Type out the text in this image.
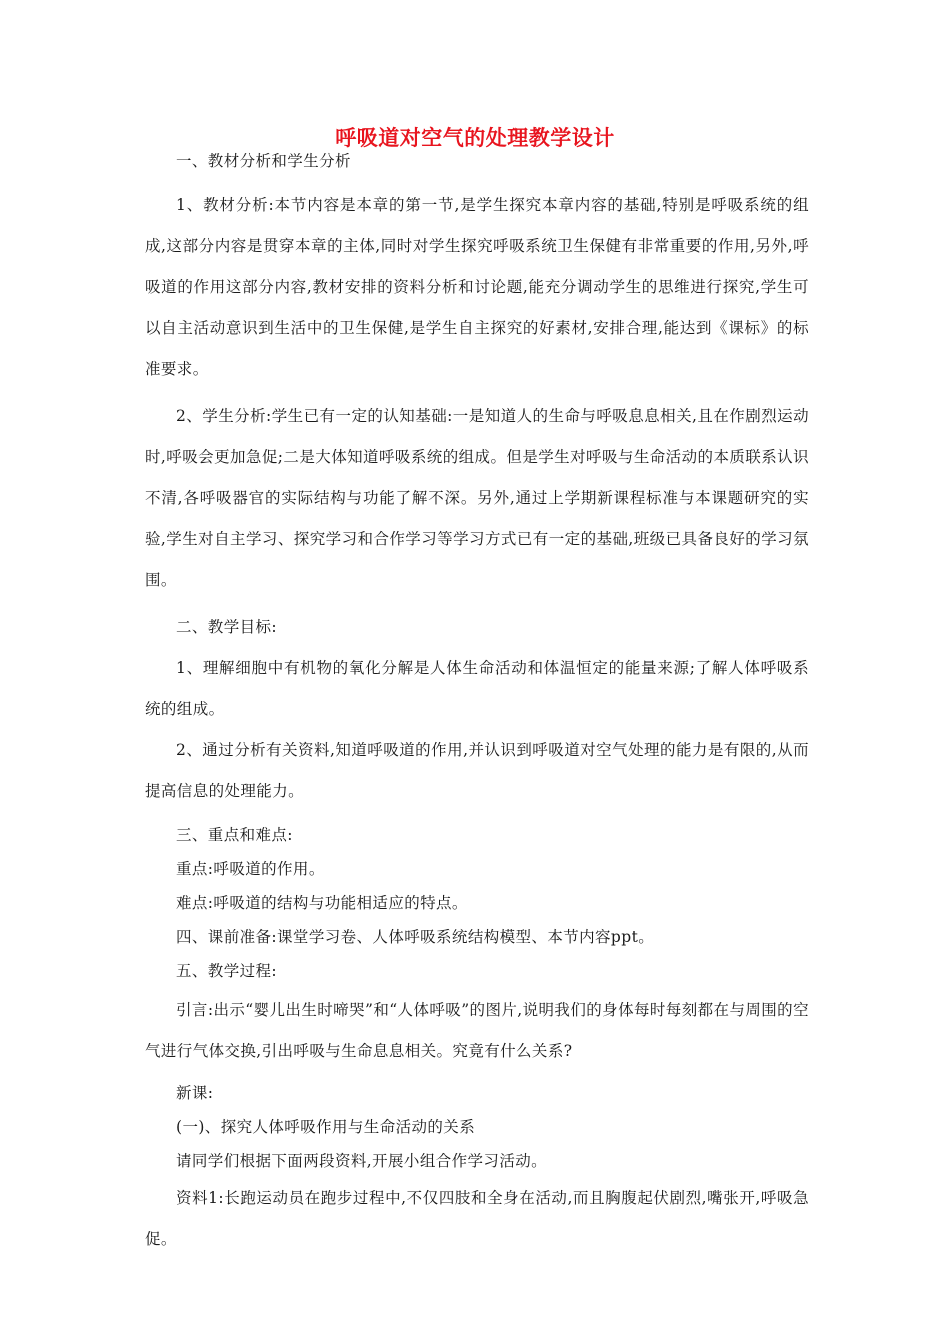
呼吸道对空气的处理教学设计

一、教材分析和学生分析

1、教材分析:本节内容是本章的第一节,是学生探究本章内容的基础,特别是呼吸系统的组成,这部分内容是贯穿本章的主体,同时对学生探究呼吸系统卫生保健有非常重要的作用,另外,呼吸道的作用这部分内容,教材安排的资料分析和讨论题,能充分调动学生的思维进行探究,学生可以自主活动意识到生活中的卫生保健,是学生自主探究的好素材,安排合理,能达到《课标》的标准要求。

2、学生分析:学生已有一定的认知基础:一是知道人的生命与呼吸息息相关,且在作剧烈运动时,呼吸会更加急促;二是大体知道呼吸系统的组成。但是学生对呼吸与生命活动的本质联系认识不清,各呼吸器官的实际结构与功能了解不深。另外,通过上学期新课程标准与本课题研究的实验,学生对自主学习、探究学习和合作学习等学习方式已有一定的基础,班级已具备良好的学习氛围。

二、教学目标:

1、理解细胞中有机物的氧化分解是人体生命活动和体温恒定的能量来源;了解人体呼吸系统的组成。

2、通过分析有关资料,知道呼吸道的作用,并认识到呼吸道对空气处理的能力是有限的,从而提高信息的处理能力。

三、重点和难点:

重点:呼吸道的作用。

难点:呼吸道的结构与功能相适应的特点。

四、课前准备:课堂学习卷、人体呼吸系统结构模型、本节内容ppt。

五、教学过程:

引言:出示“婴儿出生时啼哭”和“人体呼吸”的图片,说明我们的身体每时每刻都在与周围的空气进行气体交换,引出呼吸与生命息息相关。究竟有什么关系?

新课:

(一)、探究人体呼吸作用与生命活动的关系

请同学们根据下面两段资料,开展小组合作学习活动。

资料1:长跑运动员在跑步过程中,不仅四肢和全身在活动,而且胸腹起伏剧烈,嘴张开,呼吸急促。
